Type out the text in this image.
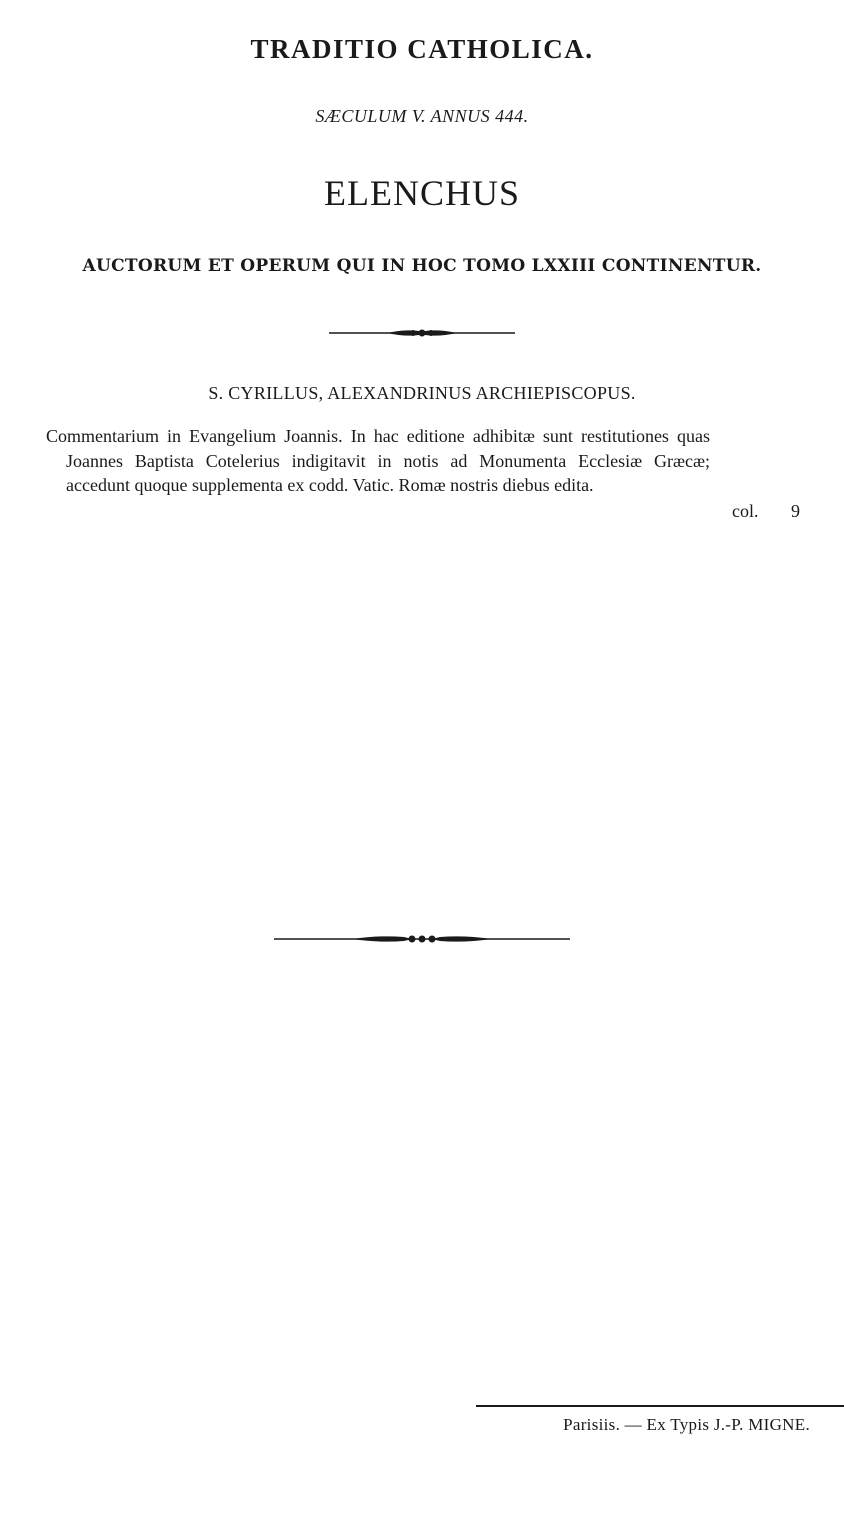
TRADITIO CATHOLICA.
SÆCULUM V. ANNUS 444.
ELENCHUS
AUCTORUM ET OPERUM QUI IN HOC TOMO LXXIII CONTINENTUR.
S. CYRILLUS, ALEXANDRINUS ARCHIEPISCOPUS.
Commentarium in Evangelium Joannis. In hac editione adhibitæ sunt restitutiones quas Joannes Baptista Cotelerius indigitavit in notis ad Monumenta Ecclesiæ Græcæ; accedunt quoque supplementa ex codd. Vatic. Romæ nostris diebus edita.
col. 9
Parisiis. — Ex Typis J.-P. MIGNE.
